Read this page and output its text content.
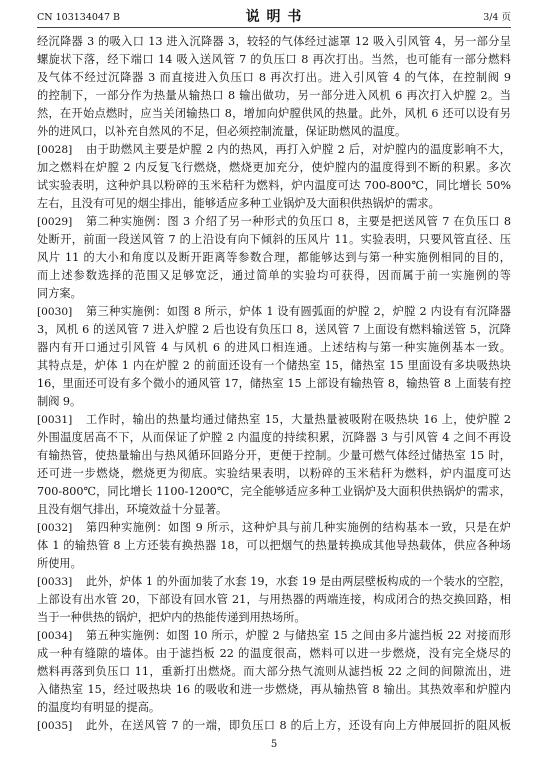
CN 103134047 B	说 明 书	3/4 页
经沉降器 3 的吸入口 13 进入沉降器 3，较轻的气体经过滤罩 12 吸入引风管 4，另一部分呈
螺旋状下落，经下端口 14 吸入送风管 7 的负压口 8 再次打出。当然，也可能有一部分燃料
及气体不经过沉降器 3 而直接进入负压口 8 再次打出。进入引风管 4 的气体，在控制阀 9
的控制下，一部分作为热量从输热口 8 输出做功，另一部分进入风机 6 再次打入炉膛 2。当
然，在开始点燃时，应当关闭输热口 8，增加向炉膛供风的热量。此外，风机 6 还可以设有另
外的进风口，以补充自然风的不足，但必须控制流量，保证助燃风的温度。
[0028]	由于助燃风主要是炉膛 2 内的热风，再打入炉膛 2 后，对炉膛内的温度影响不大，
加之燃料在炉膛 2 内反复飞行燃烧，燃烧更加充分，使炉膛内的温度得到不断的积累。多次
试实验表明，这种炉具以粉碎的玉米秸秆为燃料，炉内温度可达 700-800℃，同比增长 50%
左右，且没有可见的烟尘排出，能够适应多种工业锅炉及大面积供热锅炉的需求。
[0029]	第二种实施例：图 3 介绍了另一种形式的负压口 8，主要是把送风管 7 在负压口 8
处断开，前面一段送风管 7 的上沿设有向下倾斜的压风片 11。实验表明，只要风管直径、压
风片 11 的大小和角度以及断开距离等参数合理，都能够达到与第一种实施例相同的目的，
而上述参数选择的范围又足够宽泛，通过简单的实验均可获得，因而属于前一实施例的等
同方案。
[0030]	第三种实施例：如图 8 所示，炉体 1 设有圆弧面的炉膛 2，炉膛 2 内设有有沉降器
3，风机 6 的送风管 7 进入炉膛 2 后也设有负压口 8，送风管 7 上面设有燃料输送管 5，沉降
器内有开口通过引风管 4 与风机 6 的进风口相连通。上述结构与第一种实施例基本一致。
其特点是，炉体 1 内在炉膛 2 的前面还设有一个储热室 15，储热室 15 里面设有多块吸热块
16，里面还可设有多个微小的通风管 17，储热室 15 上部设有输热管 8，输热管 8 上面装有控
制阀 9。
[0031]	工作时，输出的热量均通过储热室 15，大量热量被吸附在吸热块 16 上，使炉膛 2
外围温度居高不下，从而保证了炉膛 2 内温度的持续积累，沉降器 3 与引风管 4 之间不再设
有输热管，使热量输出与热风循环回路分开，更便于控制。少量可燃气体经过储热室 15 时，
还可进一步燃烧，燃烧更为彻底。实验结果表明，以粉碎的玉米秸秆为燃料，炉内温度可达
700-800℃，同比增长 1100-1200℃，完全能够适应多种工业锅炉及大面积供热锅炉的需求，
且没有烟气排出，环境效益十分显著。
[0032]	第四种实施例：如图 9 所示，这种炉具与前几种实施例的结构基本一致，只是在炉
体 1 的输热管 8 上方还装有换热器 18，可以把烟气的热量转换成其他导热载体，供应各种场
所使用。
[0033]	此外，炉体 1 的外面加装了水套 19，水套 19 是由两层壁板构成的一个装水的空腔，
上部设有出水管 20，下部设有回水管 21，与用热器的两端连接，构成闭合的热交换回路，相
当于一种供热的锅炉，把炉内的热能传递到用热场所。
[0034]	第五种实施例：如图 10 所示，炉膛 2 与储热室 15 之间由多片滤挡板 22 对接而形
成一种有缝隙的墙体。由于滤挡板 22 的温度很高，燃料可以进一步燃烧，没有完全烧尽的
燃料再落到负压口 11，重新打出燃烧。而大部分热气流则从滤挡板 22 之间的间隙流出，进
入储热室 15，经过吸热块 16 的吸收和进一步燃烧，再从输热管 8 输出。其热效率和炉膛内
的温度均有明显的提高。
[0035]	此外，在送风管 7 的一端，即负压口 8 的后上方，还设有向上方伸展回折的阻风板
5
